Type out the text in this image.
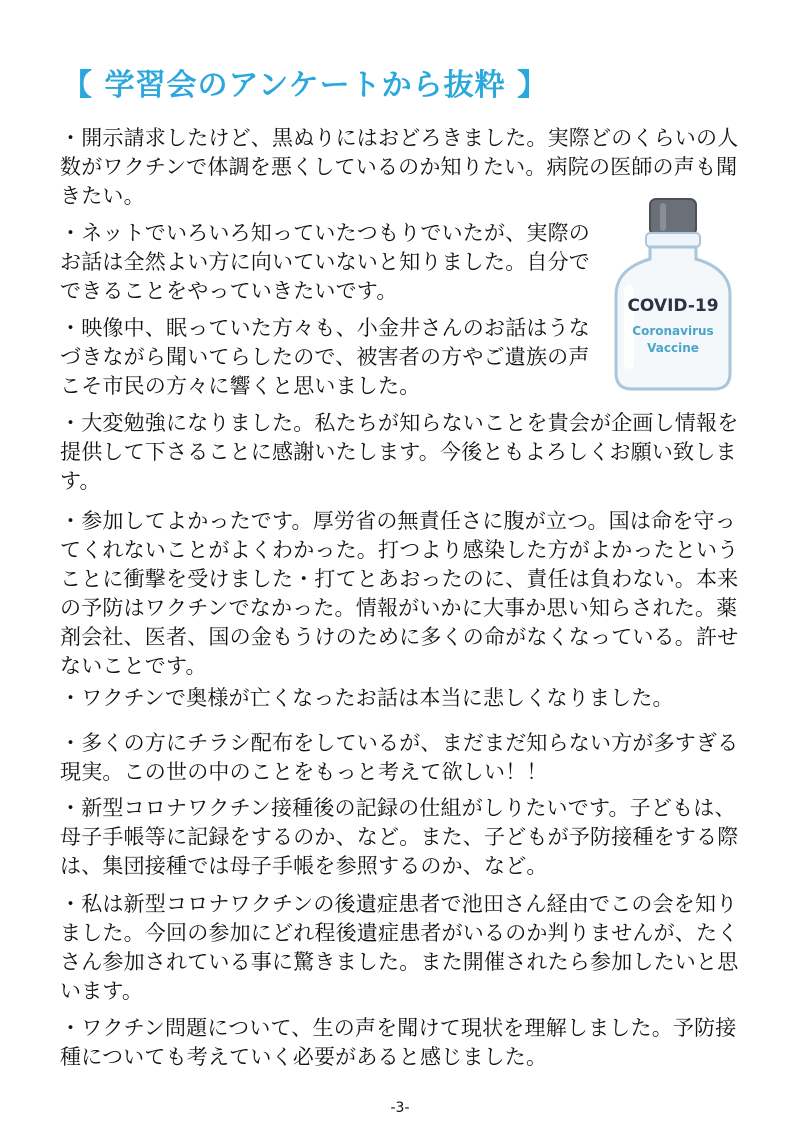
【 学習会のアンケートから抜粋 】

・開示請求したけど、黒ぬりにはおどろきました。実際どのくらいの人数がワクチンで体調を悪くしているのか知りたい。病院の医師の声も聞きたい。

・ネットでいろいろ知っていたつもりでいたが、実際のお話は全然よい方に向いていないと知りました。自分でできることをやっていきたいです。

・映像中、眠っていた方々も、小金井さんのお話はうなづきながら聞いてらしたので、被害者の方やご遺族の声こそ市民の方々に響くと思いました。

・大変勉強になりました。私たちが知らないことを貴会が企画し情報を提供して下さることに感謝いたします。今後ともよろしくお願い致します。

・参加してよかったです。厚労省の無責任さに腹が立つ。国は命を守ってくれないことがよくわかった。打つより感染した方がよかったということに衝撃を受けました・打てとあおったのに、責任は負わない。本来の予防はワクチンでなかった。情報がいかに大事か思い知らされた。薬剤会社、医者、国の金もうけのために多くの命がなくなっている。許せないことです。

・ワクチンで奥様が亡くなったお話は本当に悲しくなりました。

・多くの方にチラシ配布をしているが、まだまだ知らない方が多すぎる現実。この世の中のことをもっと考えて欲しい！！

・新型コロナワクチン接種後の記録の仕組がしりたいです。子どもは、母子手帳等に記録をするのか、など。また、子どもが予防接種をする際は、集団接種では母子手帳を参照するのか、など。

・私は新型コロナワクチンの後遺症患者で池田さん経由でこの会を知りました。今回の参加にどれ程後遺症患者がいるのか判りませんが、たくさん参加されている事に驚きました。また開催されたら参加したいと思います。

・ワクチン問題について、生の声を聞けて現状を理解しました。予防接種についても考えていく必要があると感じました。

COVID-19
Coronavirus
Vaccine
-3-
